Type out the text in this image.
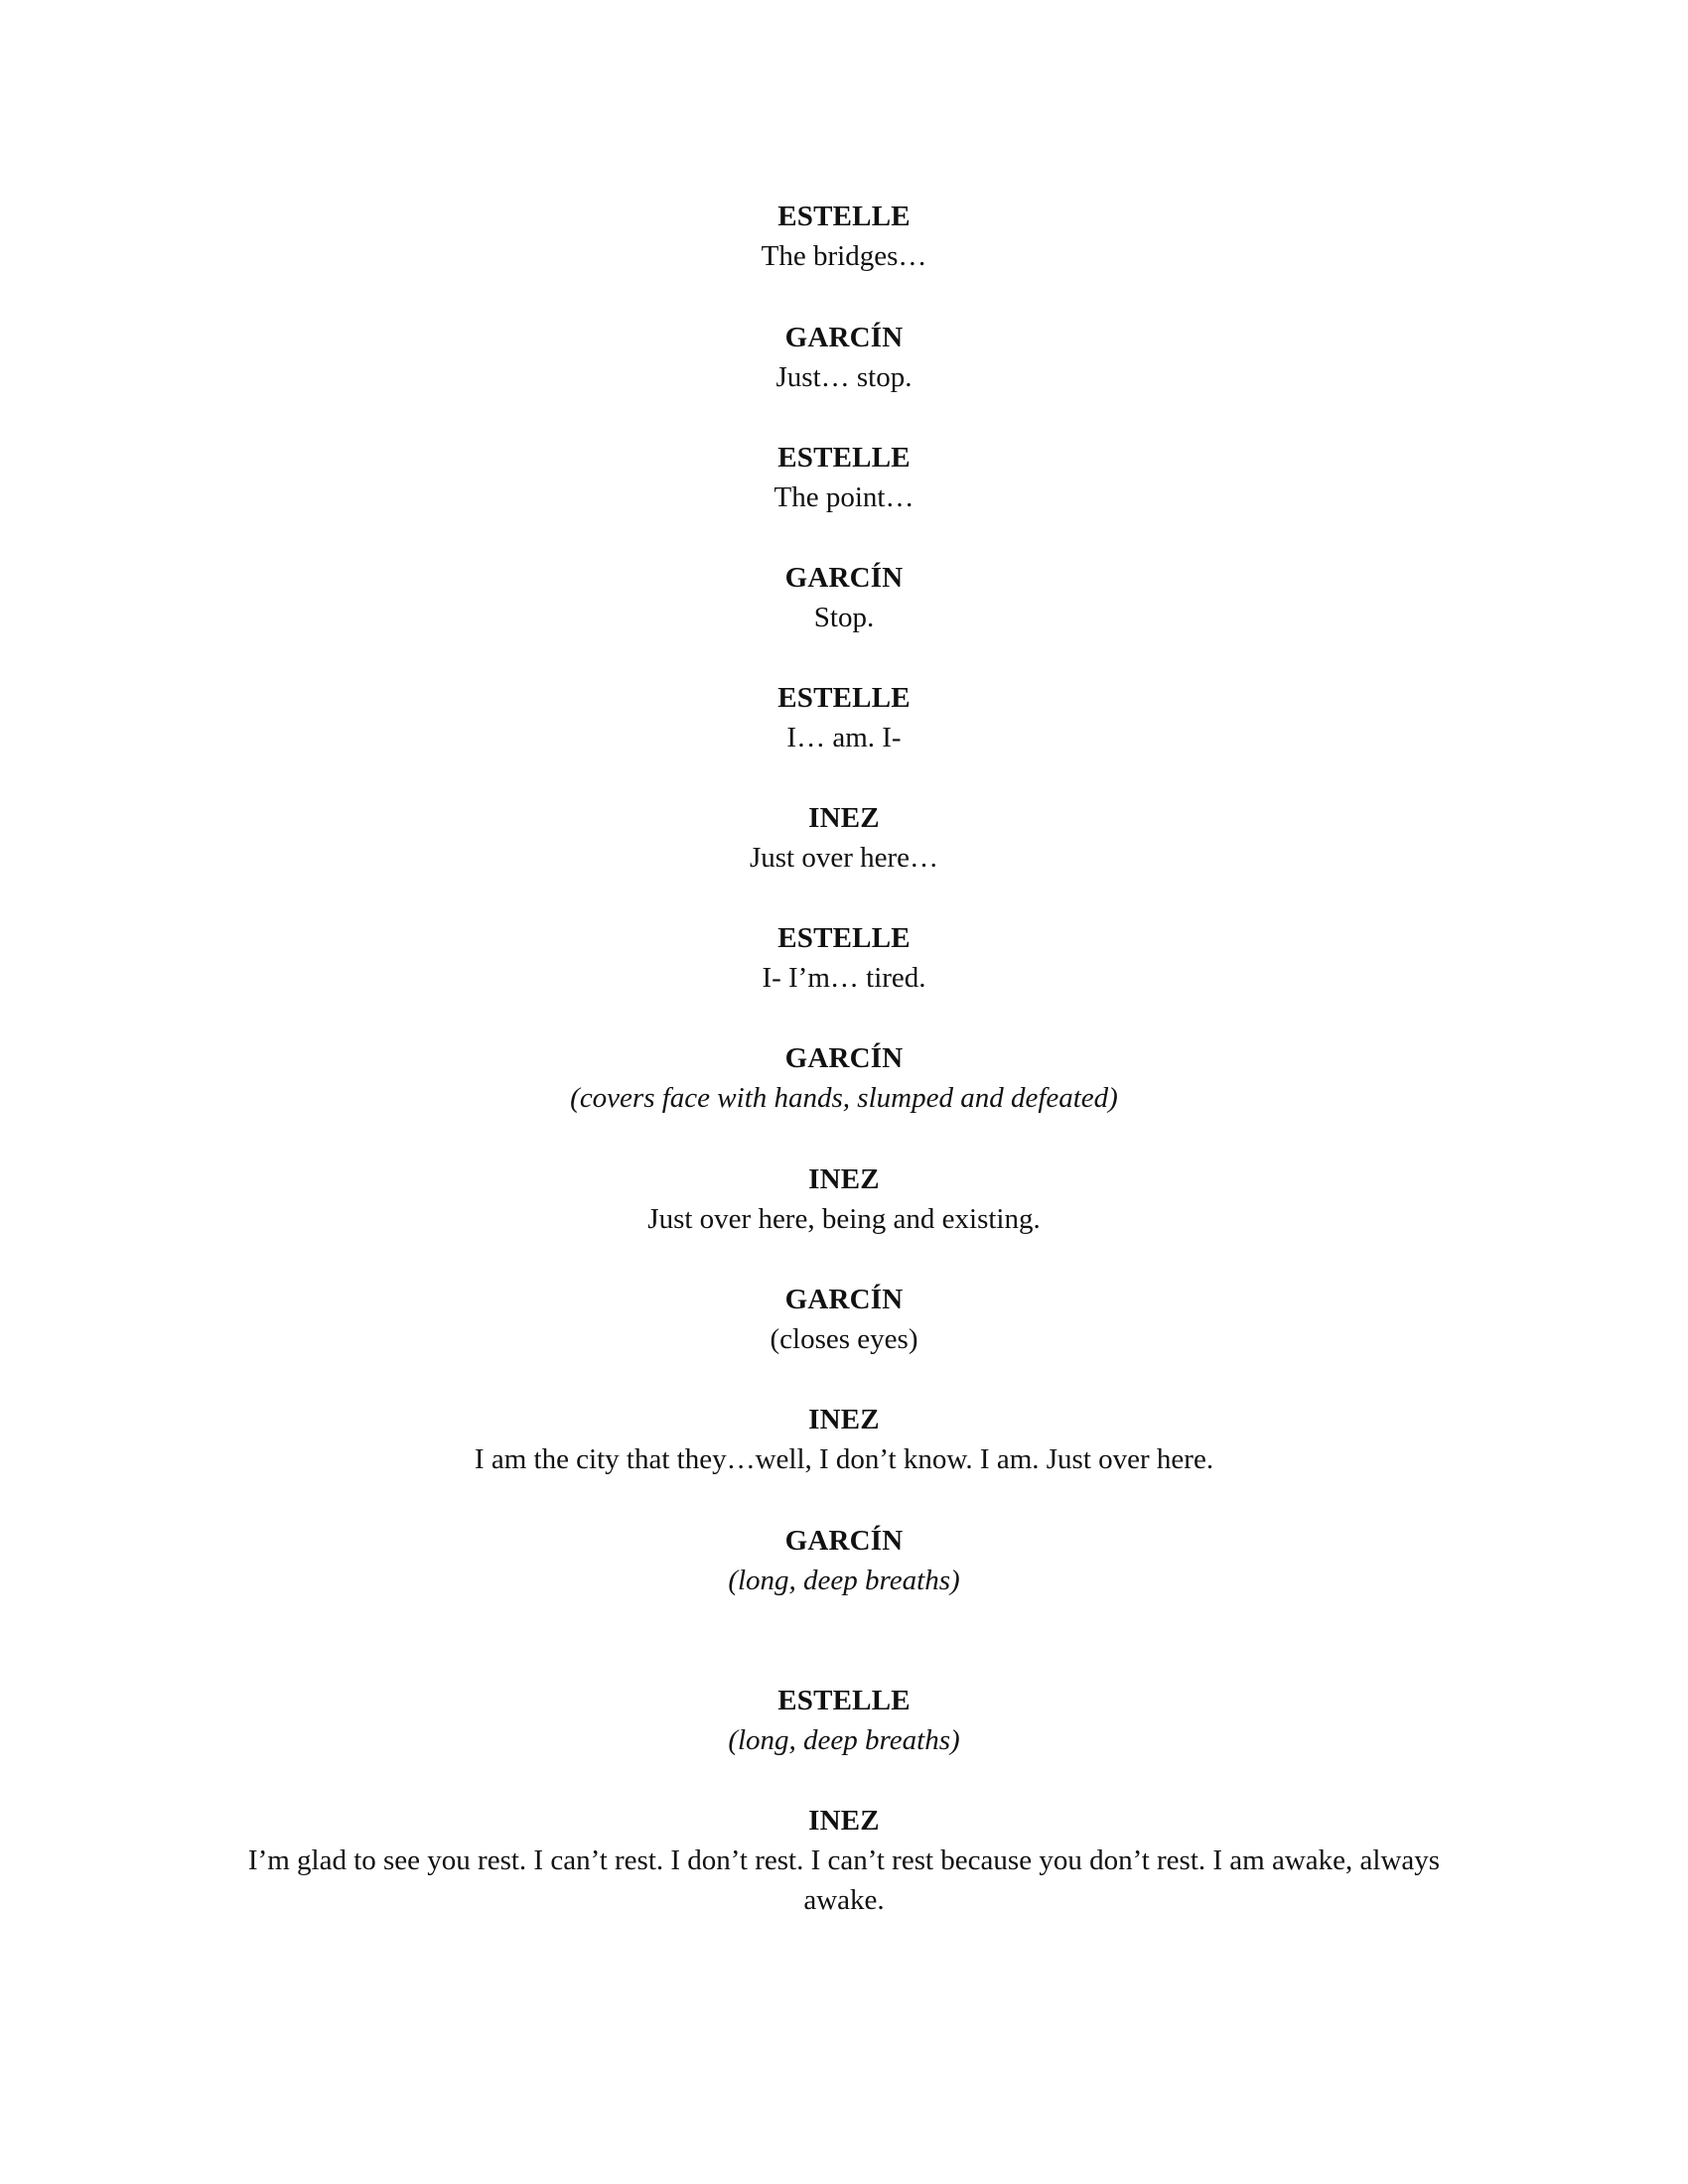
ESTELLE
The bridges…
GARCÍN
Just… stop.
ESTELLE
The point…
GARCÍN
Stop.
ESTELLE
I… am. I-
INEZ
Just over here…
ESTELLE
I- I’m… tired.
GARCÍN
(covers face with hands, slumped and defeated)
INEZ
Just over here, being and existing.
GARCÍN
(closes eyes)
INEZ
I am the city that they…well, I don’t know. I am. Just over here.
GARCÍN
(long, deep breaths)
ESTELLE
(long, deep breaths)
INEZ
I’m glad to see you rest. I can’t rest. I don’t rest. I can’t rest because you don’t rest. I am awake, always
awake.
